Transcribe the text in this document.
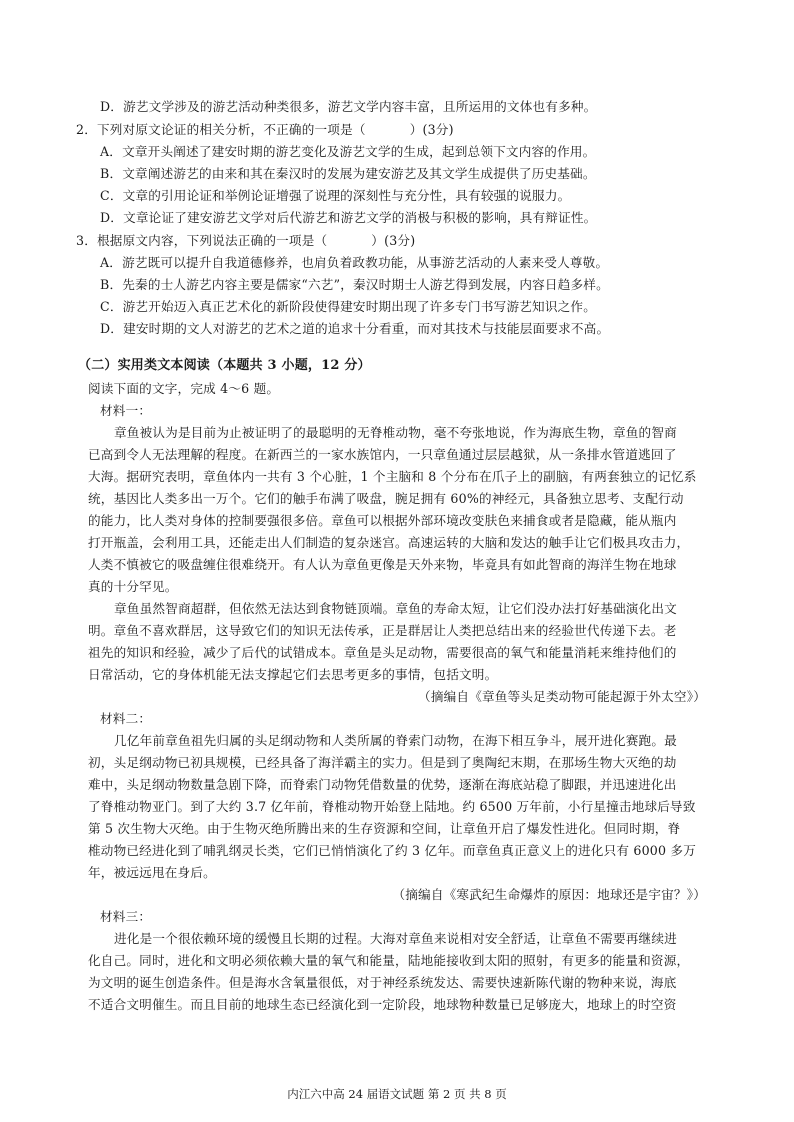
D．游艺文学涉及的游艺活动种类很多，游艺文学内容丰富，且所运用的文体也有多种。
2．下列对原文论证的相关分析，不正确的一项是（	）(3分)
A．文章开头阐述了建安时期的游艺变化及游艺文学的生成，起到总领下文内容的作用。
B．文章阐述游艺的由来和其在秦汉时的发展为建安游艺及其文学生成提供了历史基础。
C．文章的引用论证和举例论证增强了说理的深刻性与充分性，具有较强的说服力。
D．文章论证了建安游艺文学对后代游艺和游艺文学的消极与积极的影响，具有辩证性。
3．根据原文内容，下列说法正确的一项是（	）(3分)
A．游艺既可以提升自我道德修养，也肩负着政教功能，从事游艺活动的人素来受人尊敬。
B．先秦的士人游艺内容主要是儒家“六艺”，秦汉时期士人游艺得到发展，内容日趋多样。
C．游艺开始迈入真正艺术化的新阶段使得建安时期出现了许多专门书写游艺知识之作。
D．建安时期的文人对游艺的艺术之道的追求十分看重，而对其技术与技能层面要求不高。
（二）实用类文本阅读（本题共 3 小题，12 分）
阅读下面的文字，完成 4～6 题。
材料一：
章鱼被认为是目前为止被证明了的最聪明的无脊椎动物，毫不夸张地说，作为海底生物，章鱼的智商
已高到令人无法理解的程度。在新西兰的一家水族馆内，一只章鱼通过层层越狱，从一条排水管道逃回了
大海。据研究表明，章鱼体内一共有 3 个心脏，1 个主脑和 8 个分布在爪子上的副脑，有两套独立的记忆系
统，基因比人类多出一万个。它们的触手布满了吸盘，腕足拥有 60%的神经元，具备独立思考、支配行动
的能力，比人类对身体的控制要强很多倍。章鱼可以根据外部环境改变肤色来捕食或者是隐藏，能从瓶内
打开瓶盖，会利用工具，还能走出人们制造的复杂迷宫。高速运转的大脑和发达的触手让它们极具攻击力，
人类不慎被它的吸盘缠住很难绕开。有人认为章鱼更像是天外来物，毕竟具有如此智商的海洋生物在地球
真的十分罕见。
章鱼虽然智商超群，但依然无法达到食物链顶端。章鱼的寿命太短，让它们没办法打好基础演化出文
明。章鱼不喜欢群居，这导致它们的知识无法传承，正是群居让人类把总结出来的经验世代传递下去。老
祖先的知识和经验，减少了后代的试错成本。章鱼是头足动物，需要很高的氧气和能量消耗来维持他们的
日常活动，它的身体机能无法支撑起它们去思考更多的事情，包括文明。
（摘编自《章鱼等头足类动物可能起源于外太空》）
材料二：
几亿年前章鱼祖先归属的头足纲动物和人类所属的脊索门动物，在海下相互争斗，展开进化赛跑。最
初，头足纲动物已初具规模，已经具备了海洋霸主的实力。但是到了奥陶纪末期，在那场生物大灭绝的劫
难中，头足纲动物数量急剧下降，而脊索门动物凭借数量的优势，逐渐在海底站稳了脚跟，并迅速进化出
了脊椎动物亚门。到了大约 3.7 亿年前，脊椎动物开始登上陆地。约 6500 万年前，小行星撞击地球后导致
第 5 次生物大灭绝。由于生物灭绝所腾出来的生存资源和空间，让章鱼开启了爆发性进化。但同时期，脊
椎动物已经进化到了哺乳纲灵长类，它们已悄悄演化了约 3 亿年。而章鱼真正意义上的进化只有 6000 多万
年，被远远甩在身后。
（摘编自《寒武纪生命爆炸的原因：地球还是宇宙？》）
材料三：
进化是一个很依赖环境的缓慢且长期的过程。大海对章鱼来说相对安全舒适，让章鱼不需要再继续进
化自己。同时，进化和文明必须依赖大量的氧气和能量，陆地能接收到太阳的照射，有更多的能量和资源，
为文明的诞生创造条件。但是海水含氧量很低，对于神经系统发达、需要快速新陈代谢的物种来说，海底
不适合文明催生。而且目前的地球生态已经演化到一定阶段，地球物种数量已足够庞大，地球上的时空资
内江六中高 24 届语文试题 第 2 页 共 8 页
